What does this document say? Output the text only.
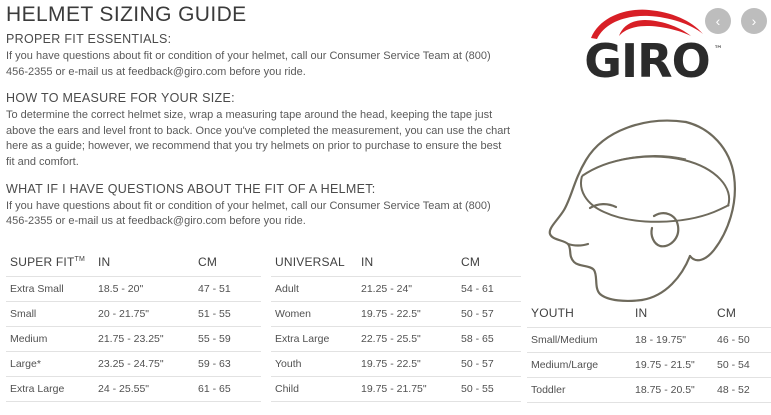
HELMET SIZING GUIDE
PROPER FIT ESSENTIALS:

If you have questions about fit or condition of your helmet, call our Consumer Service Team at (800) 456-2355 or e-mail us at feedback@giro.com before you ride.

HOW TO MEASURE FOR YOUR SIZE:

To determine the correct helmet size, wrap a measuring tape around the head, keeping the tape just above the ears and level front to back. Once you've completed the measurement, you can use the chart here as a guide; however, we recommend that you try helmets on prior to purchase to ensure the best fit and comfort.

WHAT IF I HAVE QUESTIONS ABOUT THE FIT OF A HELMET:

If you have questions about fit or condition of your helmet, call our Consumer Service Team at (800) 456-2355 or e-mail us at feedback@giro.com before you ride.

SUPER FIT™	IN	CM
Extra Small	18.5 - 20"	47 - 51
Small	20 - 21.75"	51 - 55
Medium	21.75 - 23.25"	55 - 59
Large*	23.25 - 24.75"	59 - 63
Extra Large	24 - 25.55"	61 - 65
UNIVERSAL	IN	CM
Adult	21.25 - 24"	54 - 61
Women	19.75 - 22.5"	50 - 57
Extra Large	22.75 - 25.5"	58 - 65
Youth	19.75 - 22.5"	50 - 57
Child	19.75 - 21.75"	50 - 55
YOUTH	IN	CM
Small/Medium	18 - 19.75"	46 - 50
Medium/Large	19.75 - 21.5"	50 - 54
Toddler	18.75 - 20.5"	48 - 52
GIRO ™
‹	›
